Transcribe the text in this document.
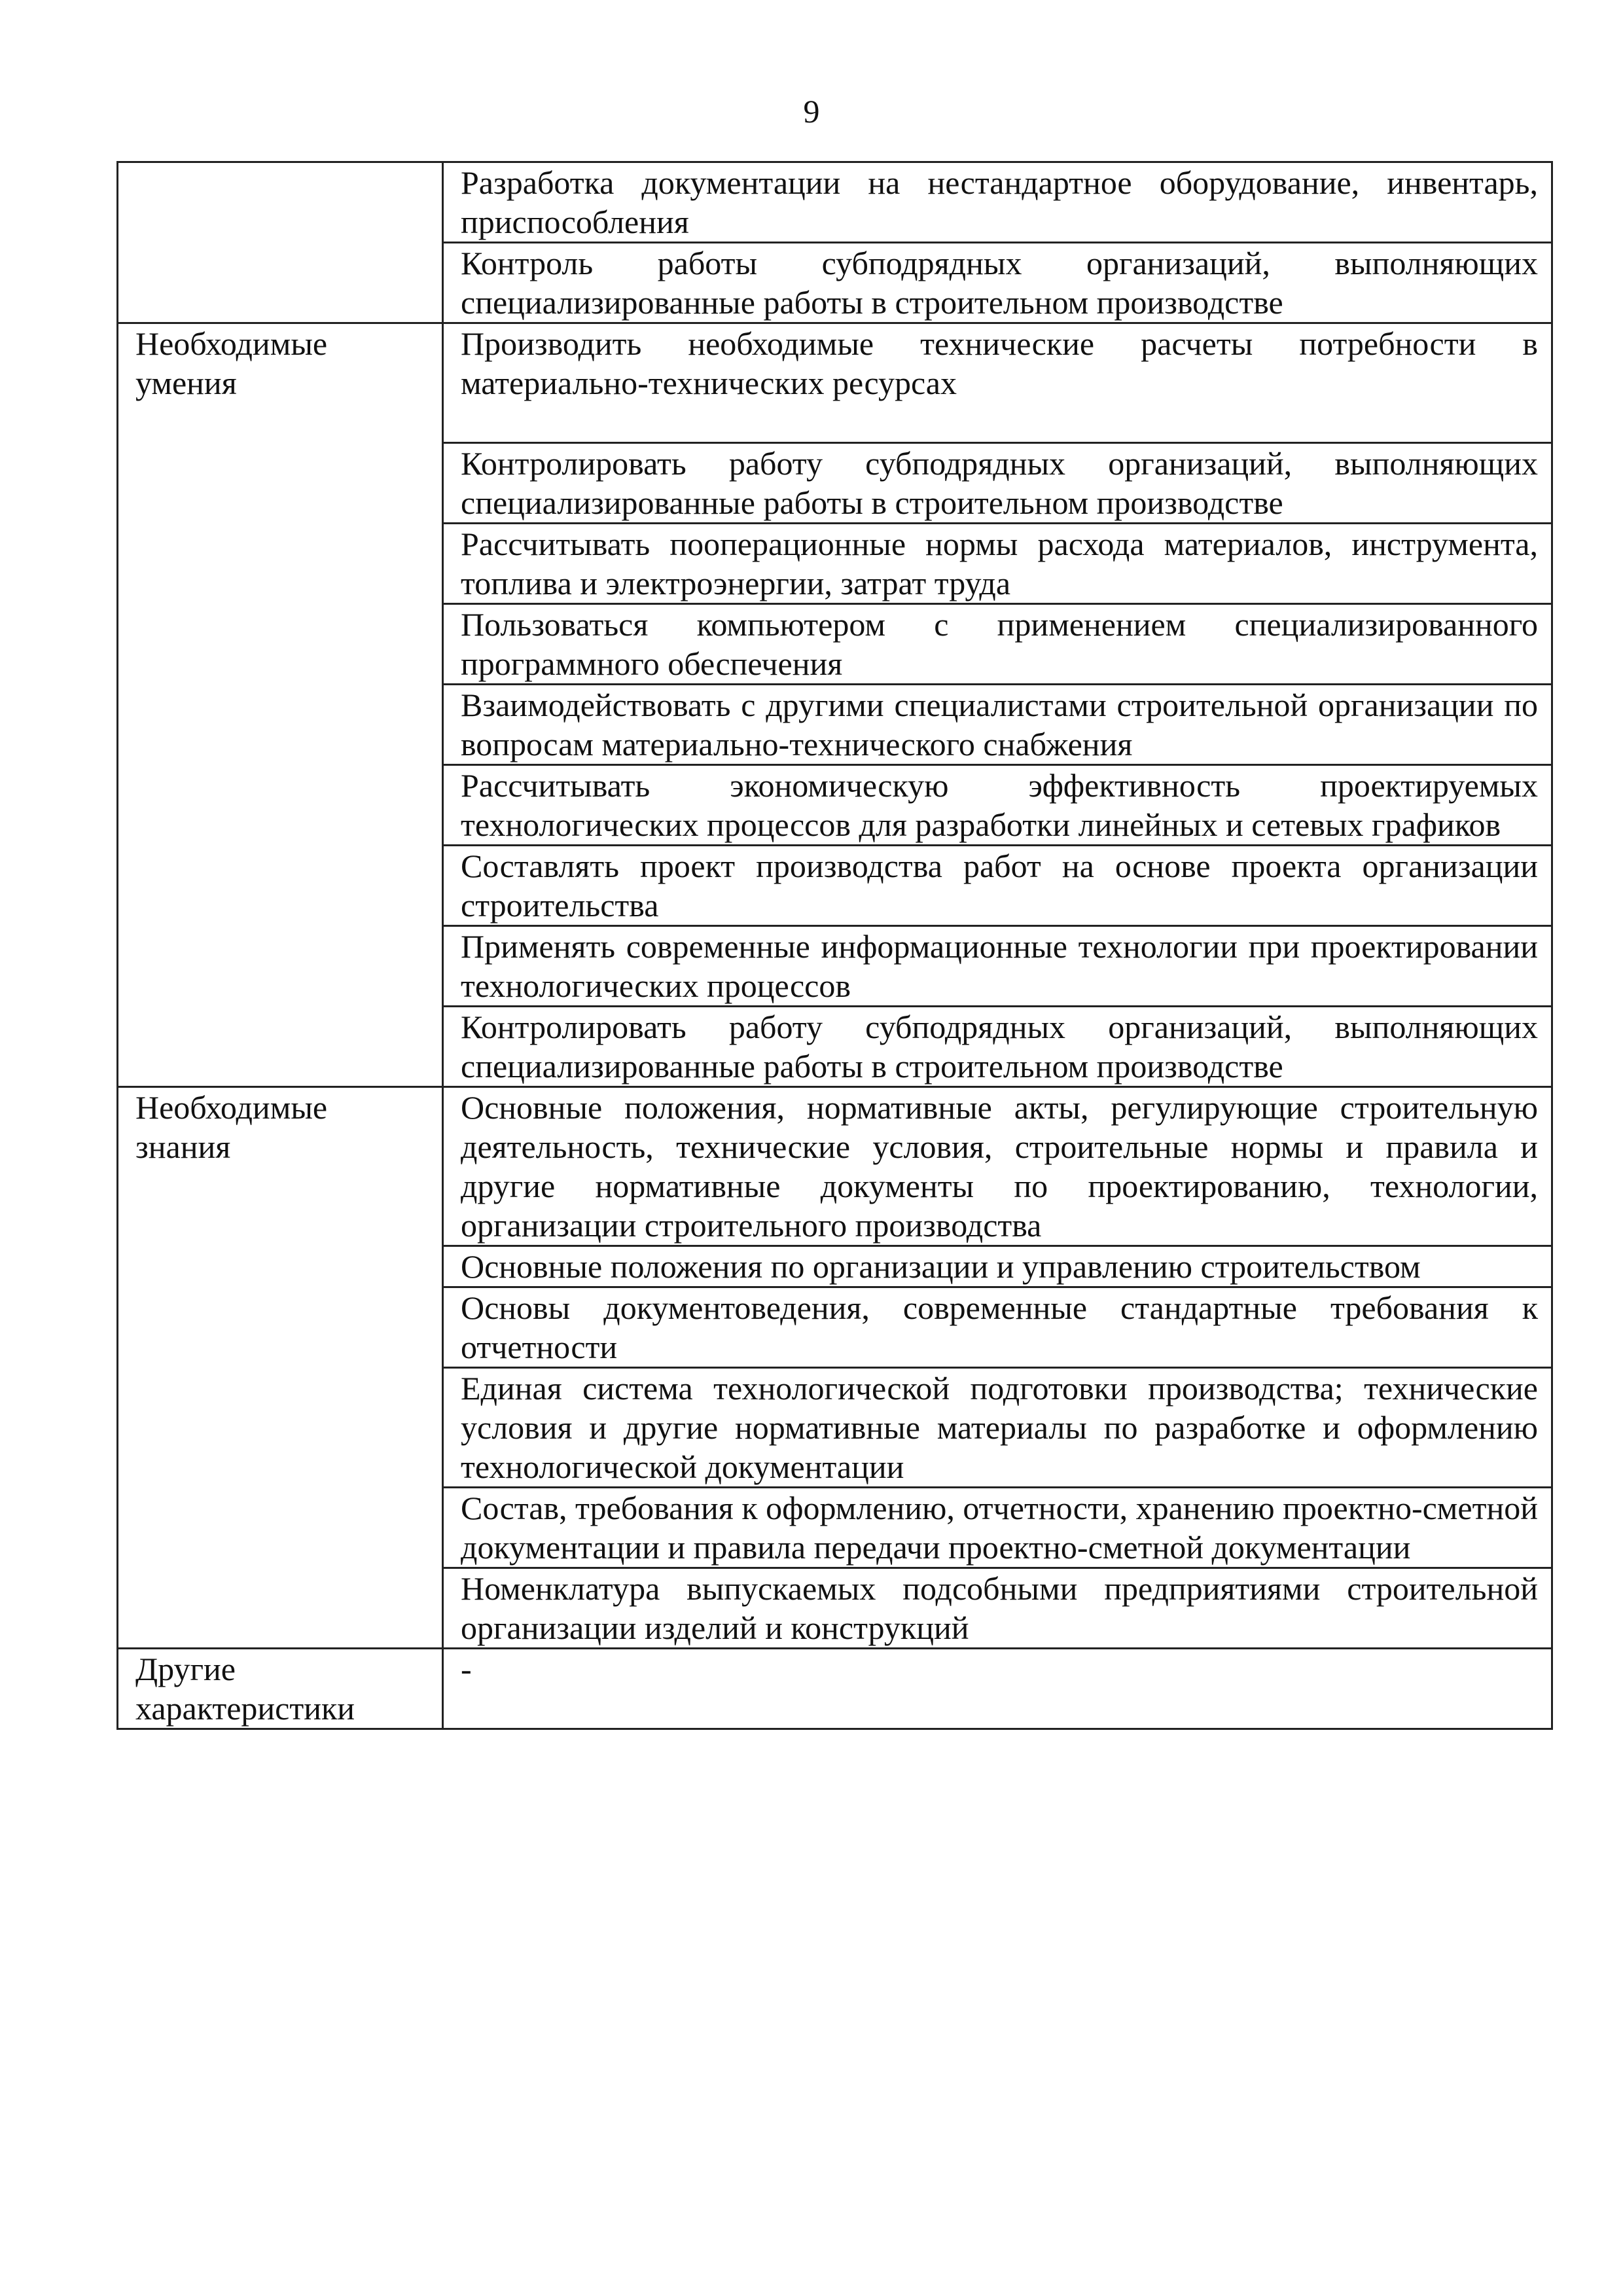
9
	Разработка документации на нестандартное оборудование, инвентарь, приспособления
	Контроль работы субподрядных организаций, выполняющих специализированные работы в строительном производстве

Необходимые умения	Производить необходимые технические расчеты потребности в материально-технических ресурсах
	Контролировать работу субподрядных организаций, выполняющих специализированные работы в строительном производстве
	Рассчитывать пооперационные нормы расхода материалов, инструмента, топлива и электроэнергии, затрат труда
	Пользоваться компьютером с применением специализированного программного обеспечения
	Взаимодействовать с другими специалистами строительной организации по вопросам материально-технического снабжения
	Рассчитывать экономическую эффективность проектируемых технологических процессов для разработки линейных и сетевых графиков
	Составлять проект производства работ на основе проекта организации строительства
	Применять современные информационные технологии при проектировании технологических процессов
	Контролировать работу субподрядных организаций, выполняющих специализированные работы в строительном производстве

Необходимые знания	Основные положения, нормативные акты, регулирующие строительную деятельность, технические условия, строительные нормы и правила и другие нормативные документы по проектированию, технологии, организации строительного производства
	Основные положения по организации и управлению строительством
	Основы документоведения, современные стандартные требования к отчетности
	Единая система технологической подготовки производства; технические условия и другие нормативные материалы по разработке и оформлению технологической документации
	Состав, требования к оформлению, отчетности, хранению проектно-сметной документации и правила передачи проектно-сметной документации
	Номенклатура выпускаемых подсобными предприятиями строительной организации изделий и конструкций

Другие характеристики	-
